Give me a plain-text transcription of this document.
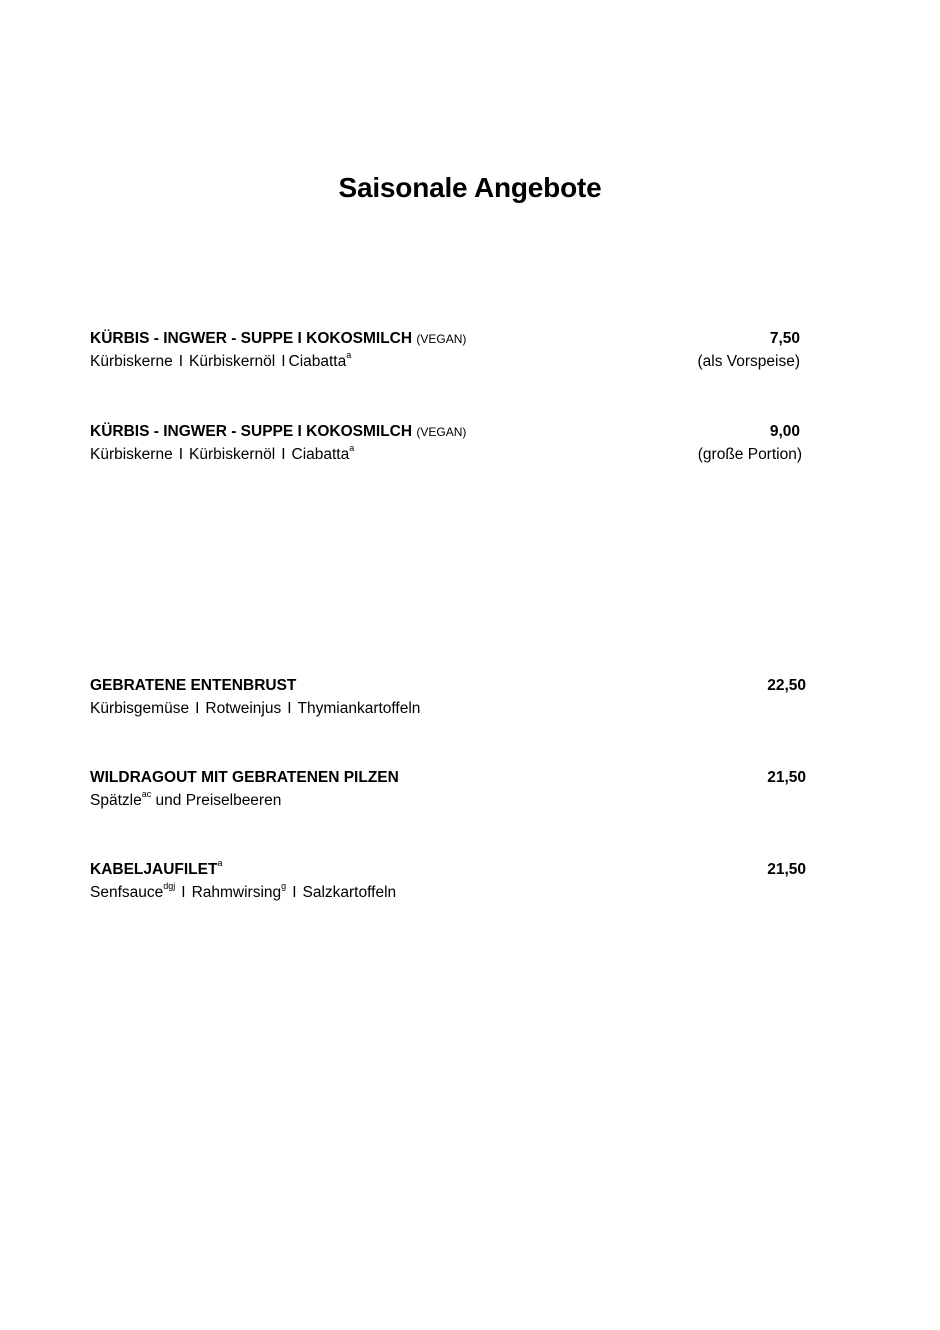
Saisonale Angebote
KÜRBIS - INGWER - SUPPE I KOKOSMILCH (VEGAN)	7,50
Kürbiskerne I Kürbiskernöl I Ciabatta$^a$	(als Vorspeise)
KÜRBIS - INGWER - SUPPE I KOKOSMILCH (VEGAN)	9,00
Kürbiskerne I Kürbiskernöl I Ciabatta$^a$	(große Portion)
GEBRATENE ENTENBRUST	22,50
Kürbisgemüse I Rotweinjus I Thymiankartoffeln
WILDRAGOUT MIT GEBRATENEN PILZEN	21,50
Spätzle$^{ac}$ und Preiselbeeren
KABELJAUFILET$^a$	21,50
Senfsauce$^{dgj}$ I Rahmwirsing$^g$ I Salzkartoffeln
